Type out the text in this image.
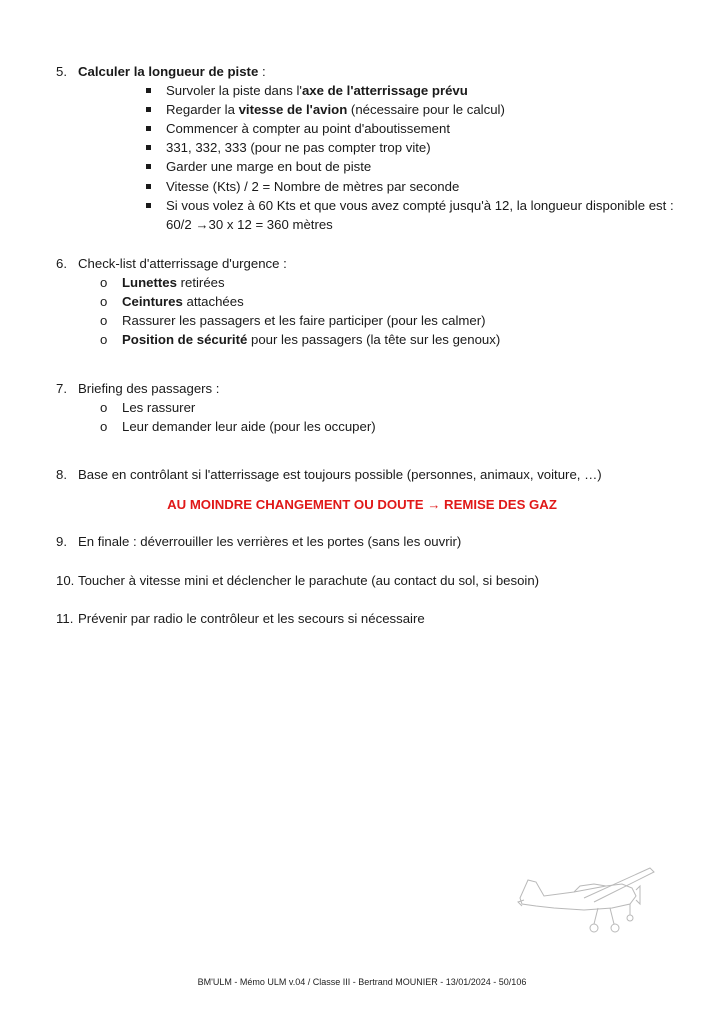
5. Calculer la longueur de piste :
Survoler la piste dans l'axe de l'atterrissage prévu
Regarder la vitesse de l'avion (nécessaire pour le calcul)
Commencer à compter au point d'aboutissement
331, 332, 333 (pour ne pas compter trop vite)
Garder une marge en bout de piste
Vitesse (Kts) / 2 = Nombre de mètres par seconde
Si vous volez à 60 Kts et que vous avez compté jusqu'à 12, la longueur disponible est :
60/2 →30 x 12 = 360 mètres
6. Check-list d'atterrissage d'urgence :
o Lunettes retirées
o Ceintures attachées
o Rassurer les passagers et les faire participer (pour les calmer)
o Position de sécurité pour les passagers (la tête sur les genoux)
7. Briefing des passagers :
o Les rassurer
o Leur demander leur aide (pour les occuper)
8. Base en contrôlant si l'atterrissage est toujours possible (personnes, animaux, voiture, …)
AU MOINDRE CHANGEMENT OU DOUTE → REMISE DES GAZ
9. En finale : déverrouiller les verrières et les portes (sans les ouvrir)
10. Toucher à vitesse mini et déclencher le parachute (au contact du sol, si besoin)
11. Prévenir par radio le contrôleur et les secours si nécessaire
BM'ULM - Mémo ULM v.04 / Classe III - Bertrand MOUNIER - 13/01/2024 - 50/106
